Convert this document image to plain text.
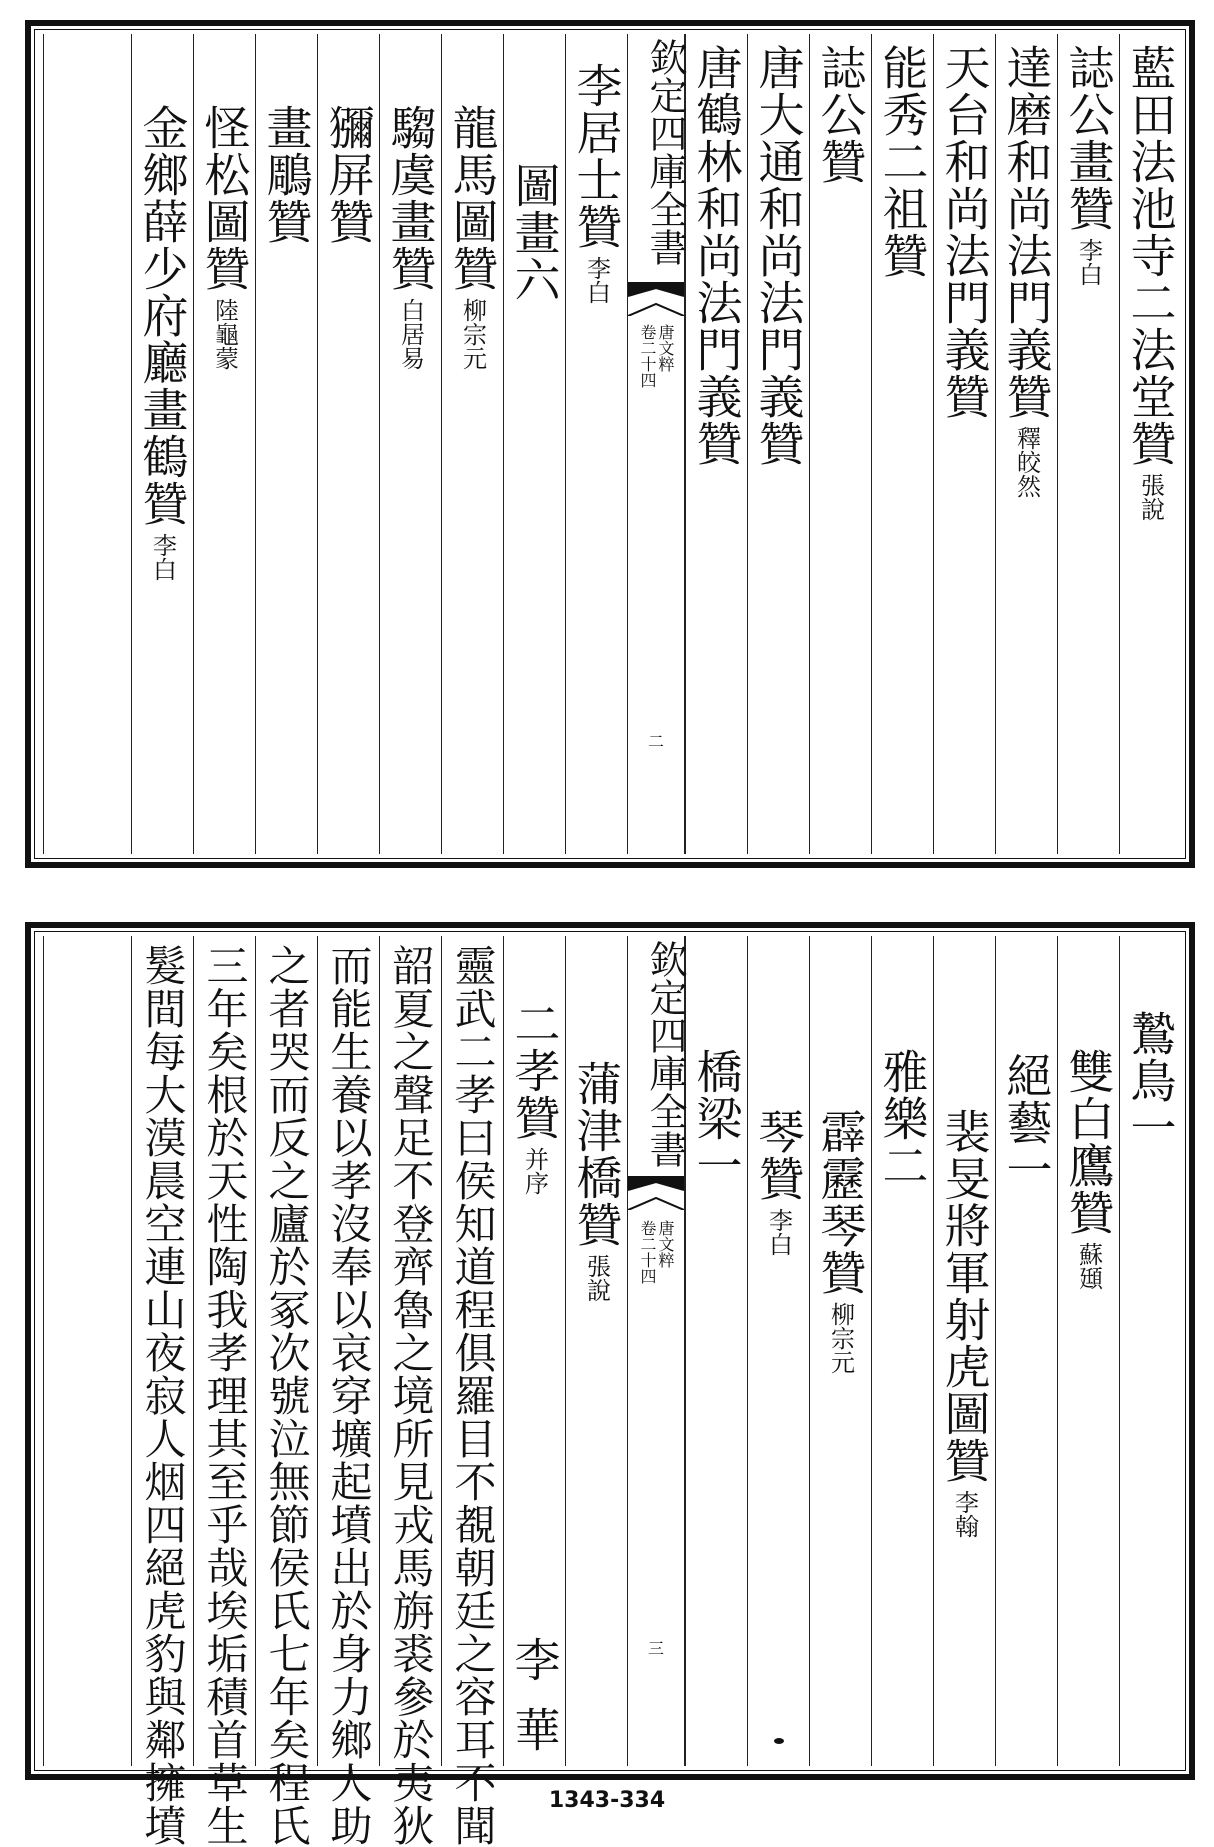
藍田法池寺二法堂贊
張說
誌公畫贊
李白
達磨和尚法門義贊
釋皎然
天台和尚法門義贊
能秀二祖贊
誌公贊
唐大通和尚法門義贊
唐鶴林和尚法門義贊
欽定四庫全書
卷二十四 唐文粹
二
李居士贊
李白
圖畫六
龍馬圖贊
柳宗元
騶虞畫贊
白居易
獼屏贊
畫鵰贊
怪松圖贊
陸龜蒙
金鄉薛少府廳畫鶴贊
李白
鷙鳥一
雙白鷹贊
蘇頲
絕藝一
裴旻將軍射虎圖贊
李翰
雅樂二
霹靂琴贊
柳宗元
琴贊
李白
橋梁一
欽定四庫全書
卷二十四 唐文粹
三
蒲津橋贊
張說
二孝贊
并序
李華
靈武二孝曰侯知道程俱羅目不覩朝廷之容耳不聞
韶夏之聲足不登齊魯之境所見戎馬旃裘參於夷狄
而能生養以孝沒奉以哀穿壙起墳出於身力鄉人助
之者哭而反之廬於冢次號泣無節侯氏七年矣程氏
三年矣根於天性陶我孝理其至乎哉埃垢積首草生
髮間每大漠晨空連山夜寂人烟四絕虎豹與鄰擁墳	1343-334
